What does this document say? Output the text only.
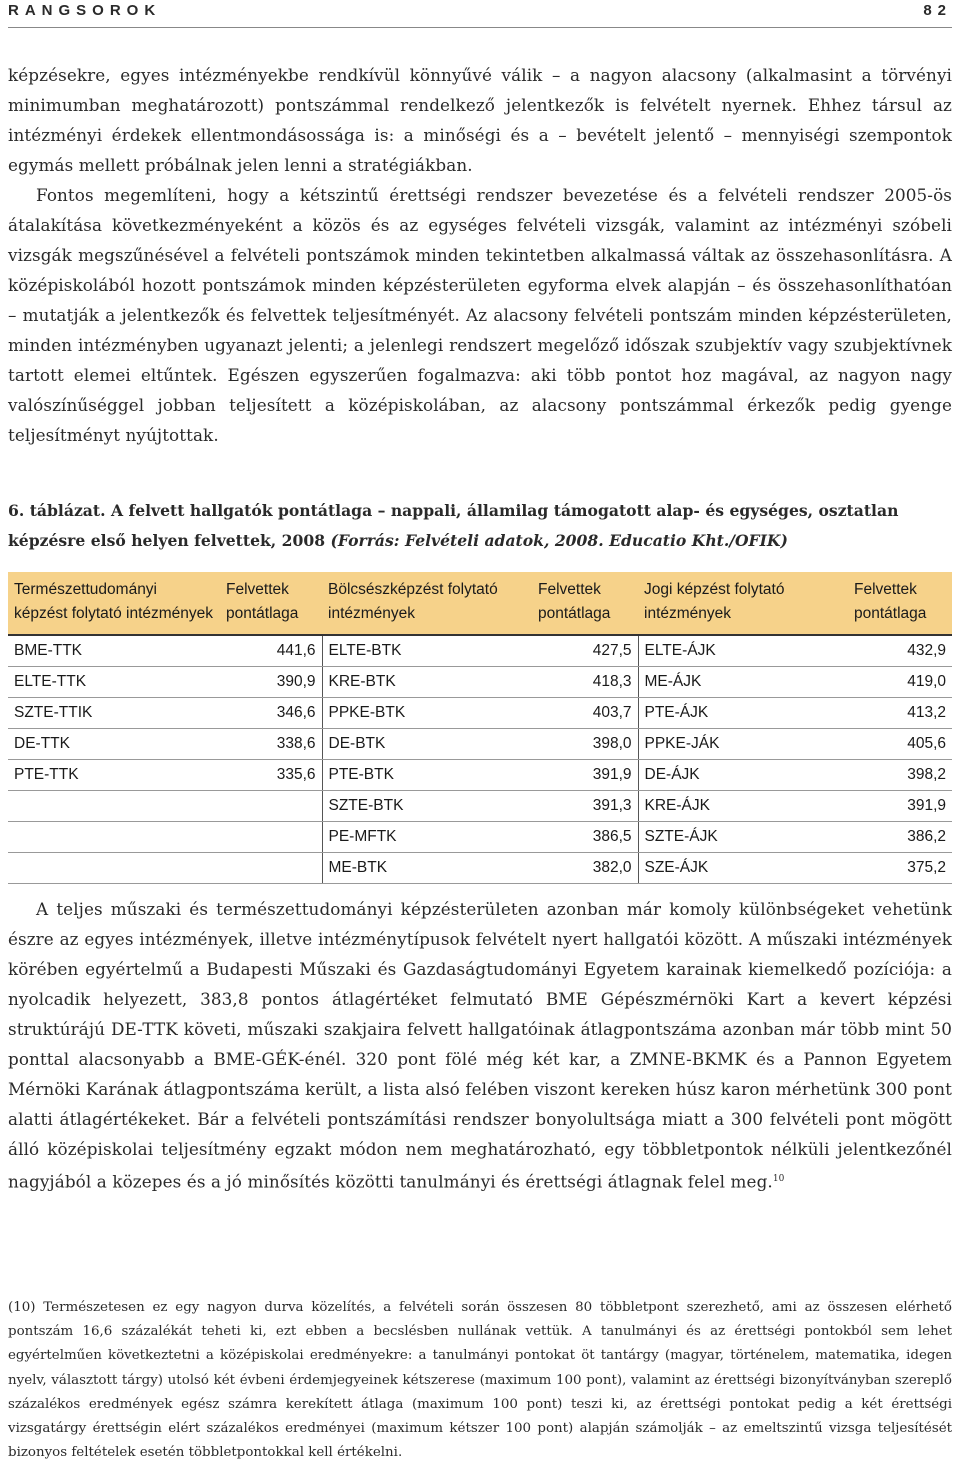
RANGSOROK	82

képzésekre, egyes intézményekbe rendkívül könnyűvé válik – a nagyon alacsony (alkalmasint a törvényi minimumban meghatározott) pontszámmal rendelkező jelentkezők is felvételt nyernek. Ehhez társul az intézményi érdekek ellentmondásossága is: a minőségi és a – bevételt jelentő – mennyiségi szempontok egymás mellett próbálnak jelen lenni a stratégiákban.

Fontos megemlíteni, hogy a kétszintű érettségi rendszer bevezetése és a felvételi rendszer 2005-ös átalakítása következményeként a közös és az egységes felvételi vizsgák, valamint az intézményi szóbeli vizsgák megszűnésével a felvételi pontszámok minden tekintetben alkalmassá váltak az összehasonlításra. A középiskolából hozott pontszámok minden képzésterületen egyforma elvek alapján – és összehasonlíthatóan – mutatják a jelentkezők és felvettek teljesítményét. Az alacsony felvételi pontszám minden képzésterületen, minden intézményben ugyanazt jelenti; a jelenlegi rendszert megelőző időszak szubjektív vagy szubjektívnek tartott elemei eltűntek. Egészen egyszerűen fogalmazva: aki több pontot hoz magával, az nagyon nagy valószínűséggel jobban teljesített a középiskolában, az alacsony pontszámmal érkezők pedig gyenge teljesítményt nyújtottak.

6. táblázat. A felvett hallgatók pontátlaga – nappali, államilag támogatott alap- és egységes, osztatlan képzésre első helyen felvettek, 2008 (Forrás: Felvételi adatok, 2008. Educatio Kht./OFIK)
Természettudományi képzést folytató intézmények	Felvettek pontátlaga	Bölcsészképzést folytató intézmények	Felvettek pontátlaga	Jogi képzést folytató intézmények	Felvettek pontátlaga
BME-TTK	441,6	ELTE-BTK	427,5	ELTE-ÁJK	432,9
ELTE-TTK	390,9	KRE-BTK	418,3	ME-ÁJK	419,0
SZTE-TTIK	346,6	PPKE-BTK	403,7	PTE-ÁJK	413,2
DE-TTK	338,6	DE-BTK	398,0	PPKE-JÁK	405,6
PTE-TTK	335,6	PTE-BTK	391,9	DE-ÁJK	398,2
		SZTE-BTK	391,3	KRE-ÁJK	391,9
		PE-MFTK	386,5	SZTE-ÁJK	386,2
		ME-BTK	382,0	SZE-ÁJK	375,2

A teljes műszaki és természettudományi képzésterületen azonban már komoly különbségeket vehetünk észre az egyes intézmények, illetve intézménytípusok felvételt nyert hallgatói között. A műszaki intézmények körében egyértelmű a Budapesti Műszaki és Gazdaságtudományi Egyetem karainak kiemelkedő pozíciója: a nyolcadik helyezett, 383,8 pontos átlagértéket felmutató BME Gépészmérnöki Kart a kevert képzési struktúrájú DE-TTK követi, műszaki szakjaira felvett hallgatóinak átlagpontszáma azonban már több mint 50 ponttal alacsonyabb a BME-GÉK-énél. 320 pont fölé még két kar, a ZMNE-BKMK és a Pannon Egyetem Mérnöki Karának átlagpontszáma került, a lista alsó felében viszont kereken húsz karon mérhetünk 300 pont alatti átlagértékeket. Bár a felvételi pontszámítási rendszer bonyolultsága miatt a 300 felvételi pont mögött álló középiskolai teljesítmény egzakt módon nem meghatározható, egy többletpontok nélküli jelentkezőnél nagyjából a közepes és a jó minősítés közötti tanulmányi és érettségi átlagnak felel meg.$^{10}$

(10) Természetesen ez egy nagyon durva közelítés, a felvételi során összesen 80 többletpont szerezhető, ami az összesen elérhető pontszám 16,6 százalékát teheti ki, ezt ebben a becslésben nullának vettük. A tanulmányi és az érettségi pontokból sem lehet egyértelműen következtetni a középiskolai eredményekre: a tanulmányi pontokat öt tantárgy (magyar, történelem, matematika, idegen nyelv, választott tárgy) utolsó két évbeni érdemjegyeinek kétszerese (maximum 100 pont), valamint az érettségi bizonyítványban szereplő százalékos eredmények egész számra kerekített átlaga (maximum 100 pont) teszi ki, az érettségi pontokat pedig a két érettségi vizsgatárgy érettségin elért százalékos eredményei (maximum kétszer 100 pont) alapján számolják – az emeltszintű vizsga teljesítését bizonyos feltételek esetén többletpontokkal kell értékelni.
